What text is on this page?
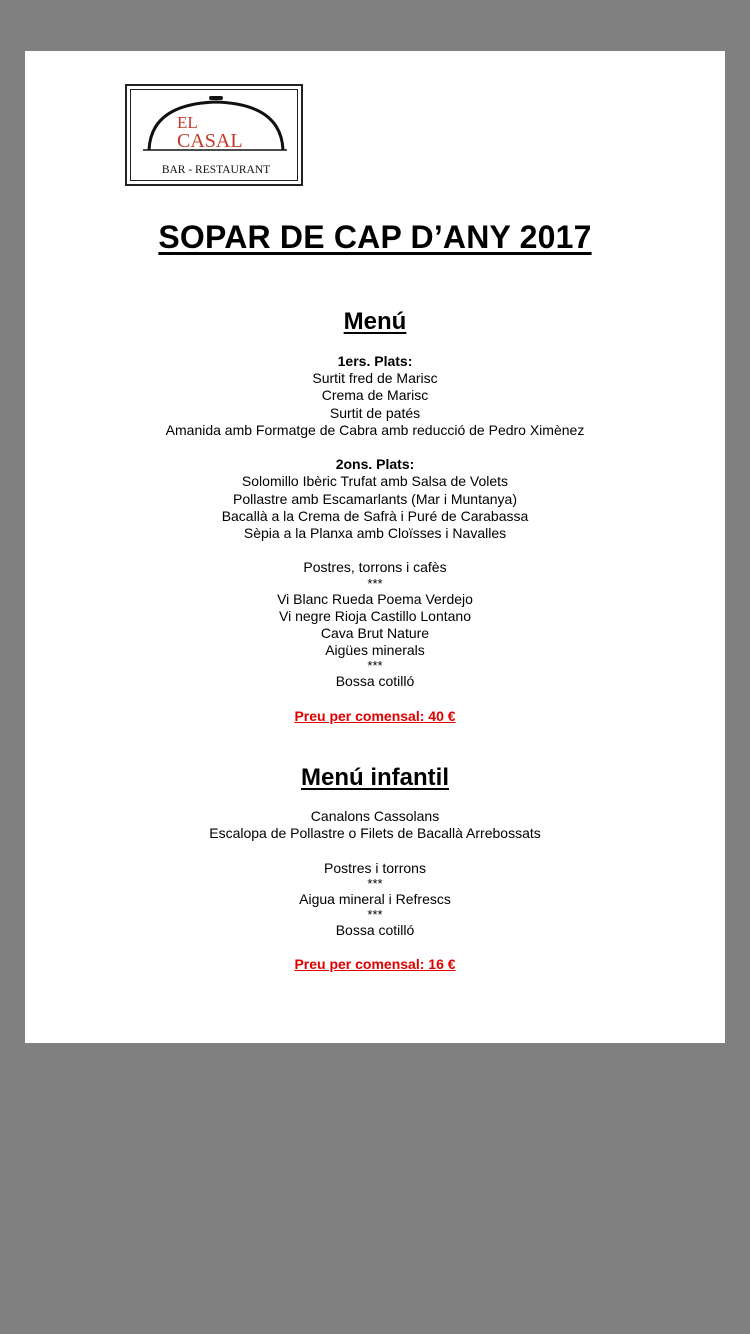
EL
CASAL
BAR - RESTAURANT
SOPAR DE CAP D’ANY 2017
Menú
1ers. Plats:
Surtit fred de Marisc
Crema de Marisc
Surtit de patés
Amanida amb Formatge de Cabra amb reducció de Pedro Ximènez
2ons. Plats:
Solomillo Ibèric Trufat amb Salsa de Volets
Pollastre amb Escamarlants (Mar i Muntanya)
Bacallà a la Crema de Safrà i Puré de Carabassa
Sèpia a la Planxa amb Cloïsses i Navalles
Postres, torrons i cafès
***
Vi Blanc Rueda Poema Verdejo
Vi negre Rioja Castillo Lontano
Cava Brut Nature
Aigües minerals
***
Bossa cotilló
Preu per comensal: 40 €
Menú infantil
Canalons Cassolans
Escalopa de Pollastre o Filets de Bacallà Arrebossats
Postres i torrons
***
Aigua mineral i Refrescs
***
Bossa cotilló
Preu per comensal: 16 €
